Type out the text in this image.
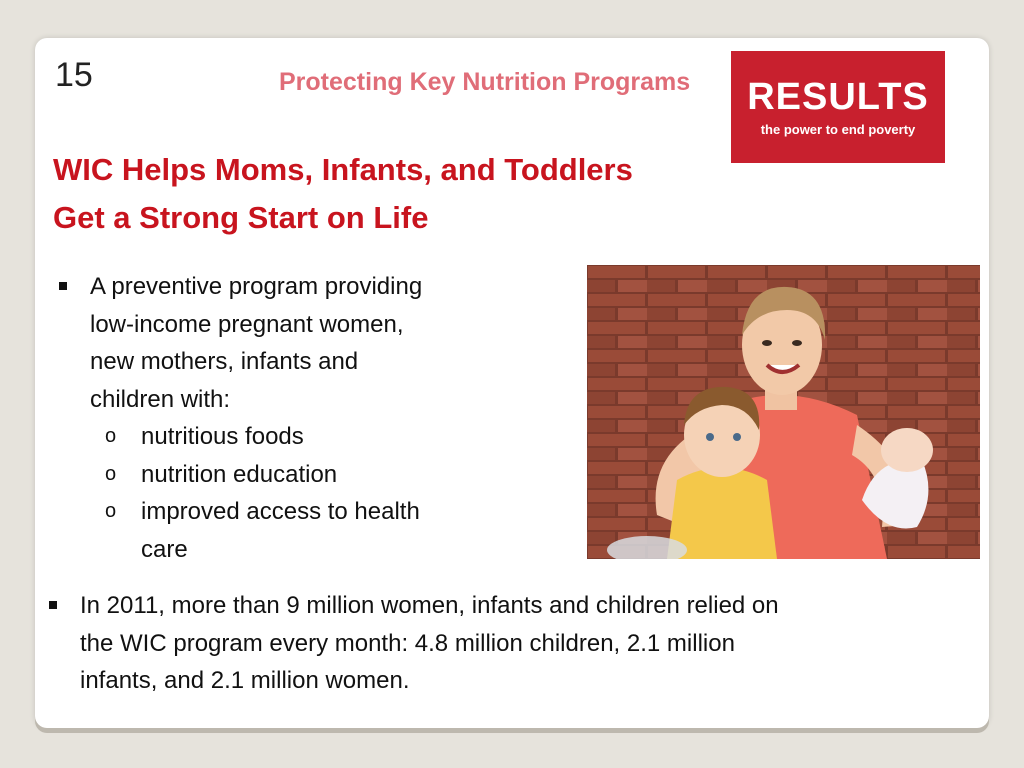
15	Protecting Key Nutrition Programs RESULTS
the power to end poverty
WIC Helps Moms, Infants, and Toddlers
Get a Strong Start on Life
A preventive program providing
low-income pregnant women,
new mothers, infants and
children with:
o nutritious foods
o nutrition education
o improved access to health
care
In 2011, more than 9 million women, infants and children relied on
the WIC program every month: 4.8 million children, 2.1 million
infants, and 2.1 million women.
